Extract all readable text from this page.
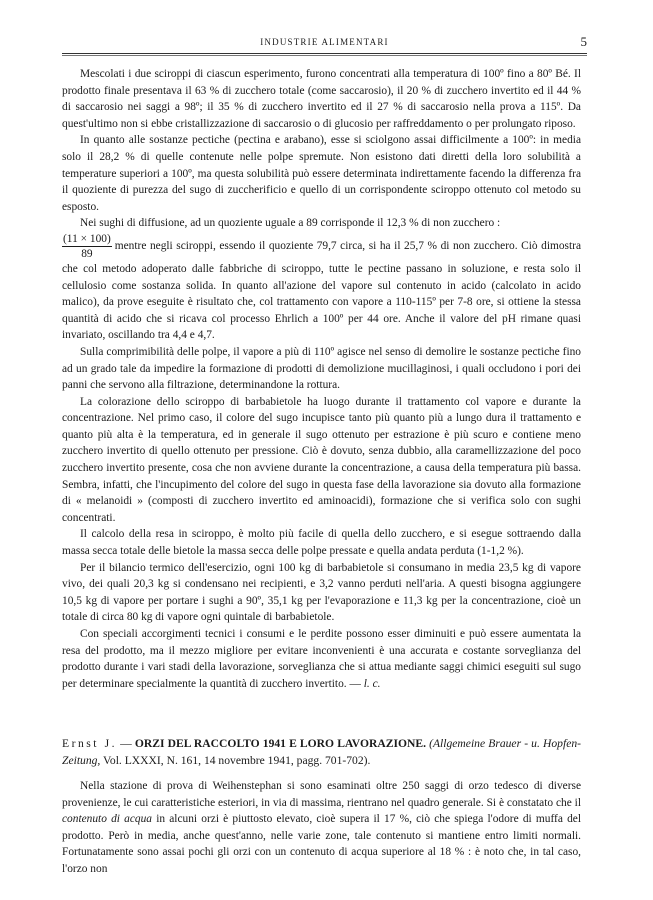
INDUSTRIE ALIMENTARI	5

Mescolati i due sciroppi di ciascun esperimento, furono concentrati alla temperatura di 100º fino a 80º Bé. Il prodotto finale presentava il 63 % di zucchero totale (come saccarosio), il 20 % di zucchero invertito ed il 44 % di saccarosio nei saggi a 98º; il 35 % di zucchero invertito ed il 27 % di saccarosio nella prova a 115º. Da quest'ultimo non si ebbe cristallizzazione di saccarosio o di glucosio per raffreddamento o per prolungato riposo.

In quanto alle sostanze pectiche (pectina e arabano), esse si sciolgono assai difficilmente a 100º: in media solo il 28,2 % di quelle contenute nelle polpe spremute. Non esistono dati diretti della loro solubilità a temperature superiori a 100º, ma questa solubilità può essere determinata indirettamente facendo la differenza fra il quoziente di purezza del sugo di zuccherificio e quello di un corrispondente sciroppo ottenuto col metodo su esposto.

Nei sughi di diffusione, ad un quoziente uguale a 89 corrisponde il 12,3 % di non zucchero :

$\frac{(11 \times 100)}{89}$ mentre negli sciroppi, essendo il quoziente 79,7 circa, si ha il 25,7 % di non zucchero. Ciò dimostra che col metodo adoperato dalle fabbriche di sciroppo, tutte le pectine passano in soluzione, e resta solo il cellulosio come sostanza solida. In quanto all'azione del vapore sul contenuto in acido (calcolato in acido malico), da prove eseguite è risultato che, col trattamento con vapore a 110-115º per 7-8 ore, si ottiene la stessa quantità di acido che si ricava col processo Ehrlich a 100º per 44 ore. Anche il valore del pH rimane quasi invariato, oscillando tra 4,4 e 4,7.

Sulla comprimibilità delle polpe, il vapore a più di 110º agisce nel senso di demolire le sostanze pectiche fino ad un grado tale da impedire la formazione di prodotti di demolizione mucillaginosi, i quali occludono i pori dei panni che servono alla filtrazione, determinandone la rottura.

La colorazione dello sciroppo di barbabietole ha luogo durante il trattamento col vapore e durante la concentrazione. Nel primo caso, il colore del sugo incupisce tanto più quanto più a lungo dura il trattamento e quanto più alta è la temperatura, ed in generale il sugo ottenuto per estrazione è più scuro e contiene meno zucchero invertito di quello ottenuto per pressione. Ciò è dovuto, senza dubbio, alla caramellizzazione del poco zucchero invertito presente, cosa che non avviene durante la concentrazione, a causa della temperatura più bassa. Sembra, infatti, che l'incupimento del colore del sugo in questa fase della lavorazione sia dovuto alla formazione di « melanoidi » (composti di zucchero invertito ed aminoacidi), formazione che si verifica solo con sughi concentrati.

Il calcolo della resa in sciroppo, è molto più facile di quella dello zucchero, e si esegue sottraendo dalla massa secca totale delle bietole la massa secca delle polpe pressate e quella andata perduta (1-1,2 %).

Per il bilancio termico dell'esercizio, ogni 100 kg di barbabietole si consumano in media 23,5 kg di vapore vivo, dei quali 20,3 kg si condensano nei recipienti, e 3,2 vanno perduti nell'aria. A questi bisogna aggiungere 10,5 kg di vapore per portare i sughi a 90º, 35,1 kg per l'evaporazione e 11,3 kg per la concentrazione, cioè un totale di circa 80 kg di vapore ogni quintale di barbabietole.

Con speciali accorgimenti tecnici i consumi e le perdite possono esser diminuiti e può essere aumentata la resa del prodotto, ma il mezzo migliore per evitare inconvenienti è una accurata e costante sorveglianza del prodotto durante i vari stadi della lavorazione, sorveglianza che si attua mediante saggi chimici eseguiti sul sugo per determinare specialmente la quantità di zucchero invertito. — l. c.

Ernst J. — ORZI DEL RACCOLTO 1941 E LORO LAVORAZIONE. (Allgemeine Brauer - u. Hopfen-Zeitung, Vol. LXXXI, N. 161, 14 novembre 1941, pagg. 701-702).

Nella stazione di prova di Weihenstephan si sono esaminati oltre 250 saggi di orzo tedesco di diverse provenienze, le cui caratteristiche esteriori, in via di massima, rientrano nel quadro generale. Si è constatato che il contenuto di acqua in alcuni orzi è piuttosto elevato, cioè supera il 17 %, ciò che spiega l'odore di muffa del prodotto. Però in media, anche quest'anno, nelle varie zone, tale contenuto si mantiene entro limiti normali. Fortunatamente sono assai pochi gli orzi con un contenuto di acqua superiore al 18 % : è noto che, in tal caso, l'orzo non
